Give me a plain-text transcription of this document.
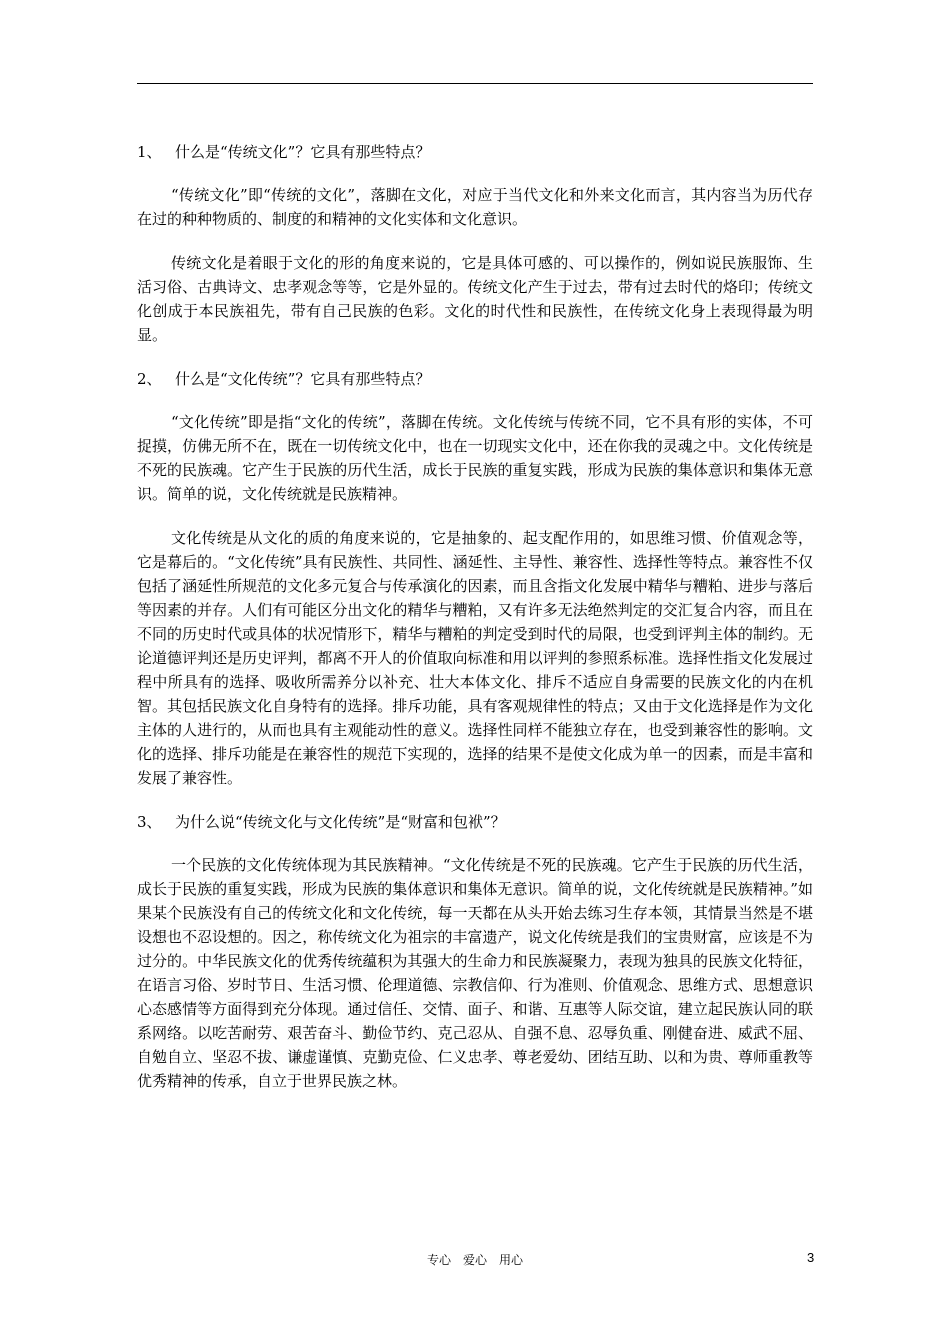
1、 什么是“传统文化”？它具有那些特点？

“传统文化”即“传统的文化”，落脚在文化，对应于当代文化和外来文化而言，其内容当为历代存在过的种种物质的、制度的和精神的文化实体和文化意识。

传统文化是着眼于文化的形的角度来说的，它是具体可感的、可以操作的，例如说民族服饰、生活习俗、古典诗文、忠孝观念等等，它是外显的。传统文化产生于过去，带有过去时代的烙印；传统文化创成于本民族祖先，带有自己民族的色彩。文化的时代性和民族性，在传统文化身上表现得最为明显。

2、 什么是“文化传统”？它具有那些特点？

“文化传统”即是指“文化的传统”，落脚在传统。文化传统与传统不同，它不具有形的实体，不可捉摸，仿佛无所不在，既在一切传统文化中，也在一切现实文化中，还在你我的灵魂之中。文化传统是不死的民族魂。它产生于民族的历代生活，成长于民族的重复实践，形成为民族的集体意识和集体无意识。简单的说，文化传统就是民族精神。

文化传统是从文化的质的角度来说的，它是抽象的、起支配作用的，如思维习惯、价值观念等，它是幕后的。“文化传统”具有民族性、共同性、涵延性、主导性、兼容性、选择性等特点。兼容性不仅包括了涵延性所规范的文化多元复合与传承演化的因素，而且含指文化发展中精华与糟粕、进步与落后等因素的并存。人们有可能区分出文化的精华与糟粕，又有许多无法绝然判定的交汇复合内容，而且在不同的历史时代或具体的状况情形下，精华与糟粕的判定受到时代的局限，也受到评判主体的制约。无论道德评判还是历史评判，都离不开人的价值取向标准和用以评判的参照系标准。选择性指文化发展过程中所具有的选择、吸收所需养分以补充、壮大本体文化、排斥不适应自身需要的民族文化的内在机智。其包括民族文化自身特有的选择。排斥功能，具有客观规律性的特点；又由于文化选择是作为文化主体的人进行的，从而也具有主观能动性的意义。选择性同样不能独立存在，也受到兼容性的影响。文化的选择、排斥功能是在兼容性的规范下实现的，选择的结果不是使文化成为单一的因素，而是丰富和发展了兼容性。

3、 为什么说“传统文化与文化传统”是“财富和包袱”？

一个民族的文化传统体现为其民族精神。“文化传统是不死的民族魂。它产生于民族的历代生活，成长于民族的重复实践，形成为民族的集体意识和集体无意识。简单的说，文化传统就是民族精神。”如果某个民族没有自己的传统文化和文化传统，每一天都在从头开始去练习生存本领，其情景当然是不堪设想也不忍设想的。因之，称传统文化为祖宗的丰富遗产，说文化传统是我们的宝贵财富，应该是不为过分的。中华民族文化的优秀传统蕴积为其强大的生命力和民族凝聚力，表现为独具的民族文化特征，在语言习俗、岁时节日、生活习惯、伦理道德、宗教信仰、行为准则、价值观念、思维方式、思想意识心态感情等方面得到充分体现。通过信任、交情、面子、和谐、互惠等人际交谊，建立起民族认同的联系网络。以吃苦耐劳、艰苦奋斗、勤俭节约、克己忍从、自强不息、忍辱负重、刚健奋进、威武不屈、自勉自立、坚忍不拔、谦虚谨慎、克勤克俭、仁义忠孝、尊老爱幼、团结互助、以和为贵、尊师重教等优秀精神的传承，自立于世界民族之林。

专心　爱心　用心	3
